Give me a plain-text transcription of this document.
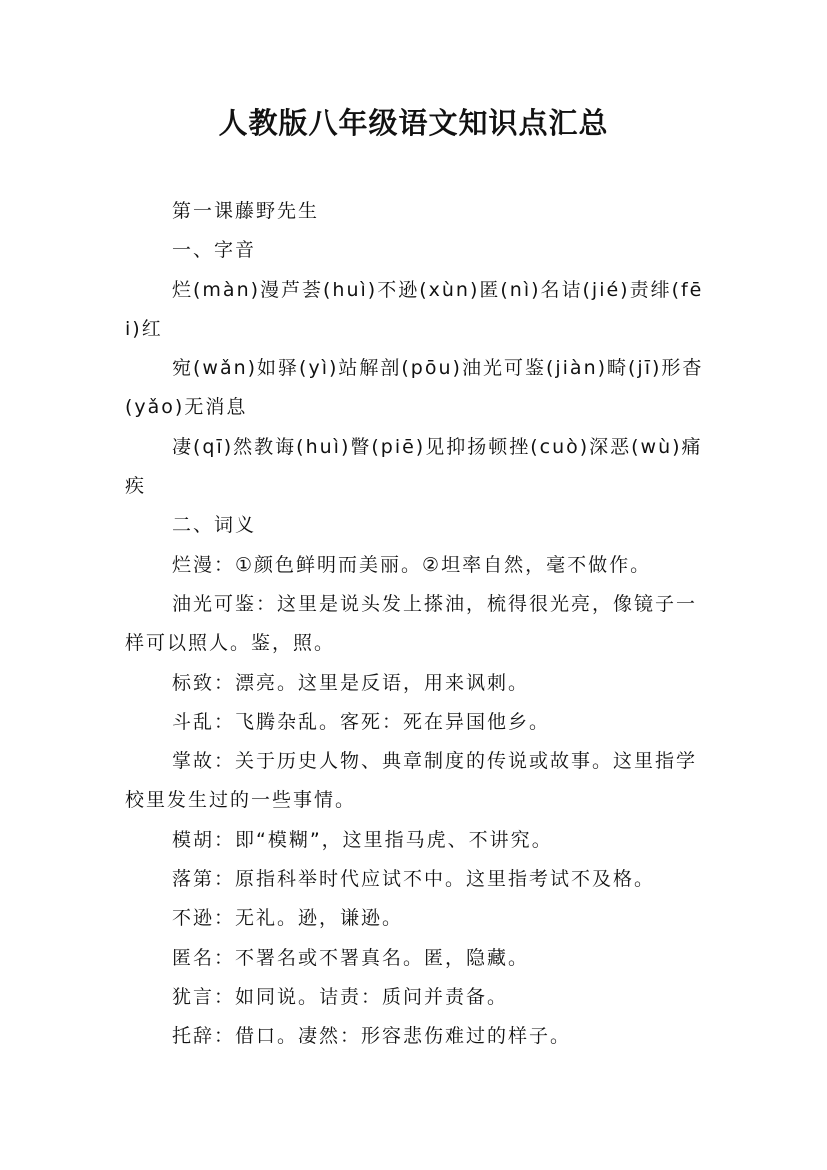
人教版八年级语文知识点汇总

第一课藤野先生

一、字音

烂(màn)漫芦荟(huì)不逊(xùn)匿(nì)名诘(jié)责绯(fēi)红

宛(wǎn)如驿(yì)站解剖(pōu)油光可鉴(jiàn)畸(jī)形杳(yǎo)无消息

凄(qī)然教诲(huì)瞥(piē)见抑扬顿挫(cuò)深恶(wù)痛疾

二、词义

烂漫：①颜色鲜明而美丽。②坦率自然，毫不做作。

油光可鉴：这里是说头发上搽油，梳得很光亮，像镜子一样可以照人。鉴，照。

标致：漂亮。这里是反语，用来讽刺。

斗乱：飞腾杂乱。客死：死在异国他乡。

掌故：关于历史人物、典章制度的传说或故事。这里指学校里发生过的一些事情。

模胡：即“模糊”，这里指马虎、不讲究。

落第：原指科举时代应试不中。这里指考试不及格。

不逊：无礼。逊，谦逊。

匿名：不署名或不署真名。匿，隐藏。

犹言：如同说。诘责：质问并责备。

托辞：借口。凄然：形容悲伤难过的样子。
